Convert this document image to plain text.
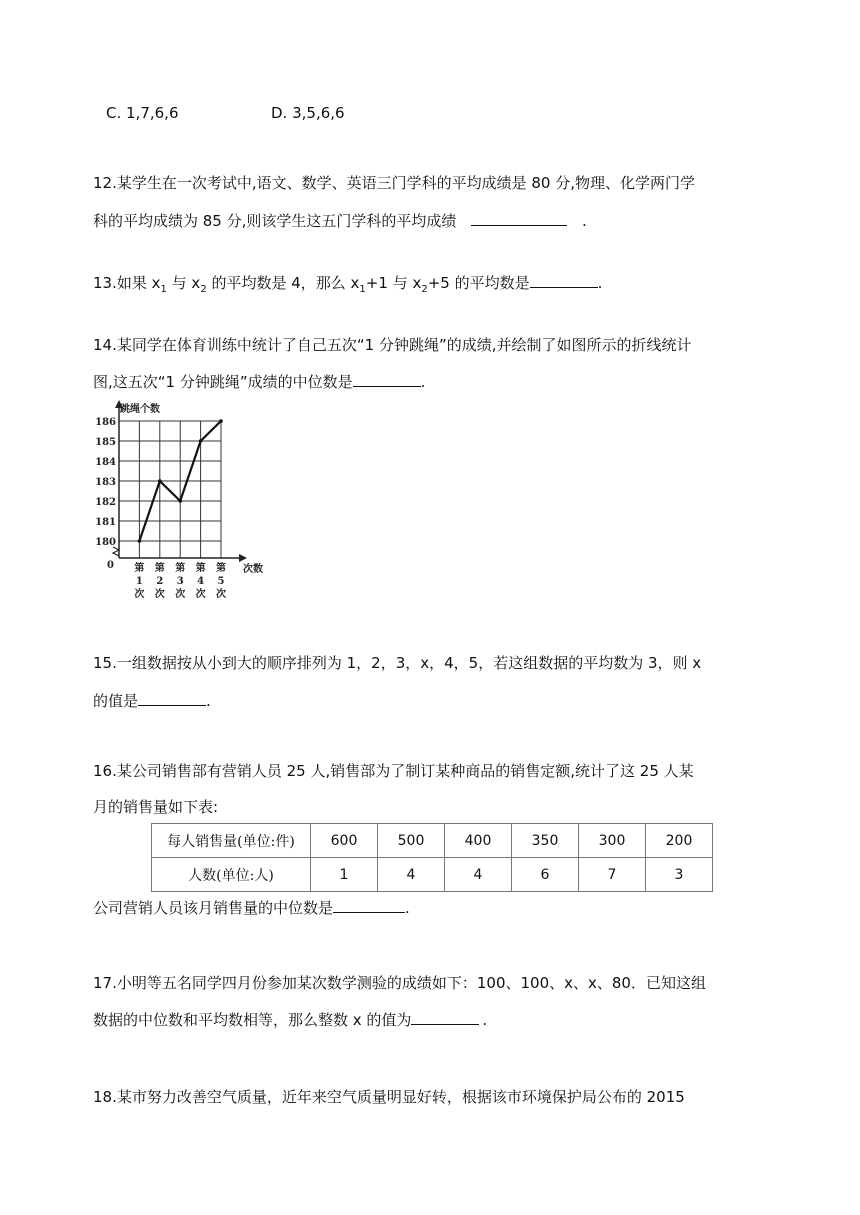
C. 1,7,6,6	D. 3,5,6,6
12.某学生在一次考试中,语文、数学、英语三门学科的平均成绩是 80 分,物理、化学两门学
科的平均成绩为 85 分,则该学生这五门学科的平均成绩	.
13.如果 $x_1$ 与 $x_2$ 的平均数是 4，那么 $x_1+1$ 与 $x_2+5$ 的平均数是	.
14.某同学在体育训练中统计了自己五次“1 分钟跳绳”的成绩,并绘制了如图所示的折线统计
图,这五次“1 分钟跳绳”成绩的中位数是	.
跳绳个数
次数
0
180
181
182
183
184
185
186
第
1
次
第
2
次
第
3
次
第
4
次
第
5
次
15.一组数据按从小到大的顺序排列为 1，2，3，x，4，5，若这组数据的平均数为 3，则 x
的值是	.
16.某公司销售部有营销人员 25 人,销售部为了制订某种商品的销售定额,统计了这 25 人某
月的销售量如下表:
每人销售量(单位:件)	600	500	400	350	300	200
人数(单位:人)	1	4	4	6	7	3
公司营销人员该月销售量的中位数是	.
17.小明等五名同学四月份参加某次数学测验的成绩如下：100、100、x、x、80．已知这组
数据的中位数和平均数相等，那么整数 x 的值为	.
18.某市努力改善空气质量，近年来空气质量明显好转，根据该市环境保护局公布的 2015
